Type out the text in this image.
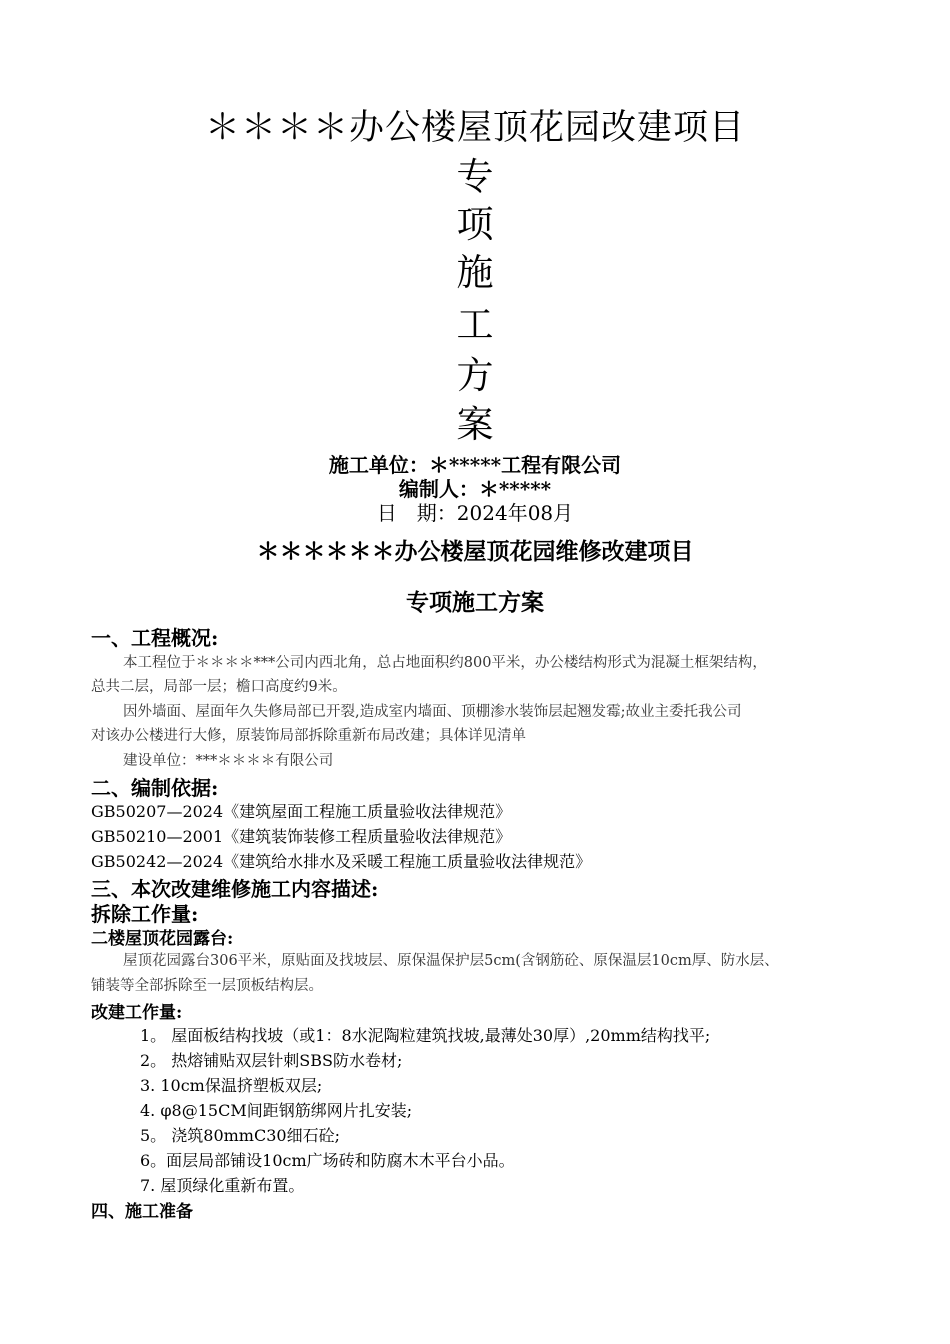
＊＊＊＊办公楼屋顶花园改建项目
专
项
施
工
方
案
施工单位：＊*****工程有限公司
编制人：＊*****
日　期：2024年08月
＊＊＊＊＊＊办公楼屋顶花园维修改建项目
专项施工方案
一、工程概况:
本工程位于＊＊＊＊***公司内西北角，总占地面积约800平米，办公楼结构形式为混凝土框架结构，
总共二层，局部一层；檐口高度约9米。
因外墙面、屋面年久失修局部已开裂,造成室内墙面、顶棚渗水装饰层起翘发霉;故业主委托我公司
对该办公楼进行大修，原装饰局部拆除重新布局改建；具体详见清单
建设单位：***＊＊＊＊有限公司
二、编制依据:
GB50207—2024《建筑屋面工程施工质量验收法律规范》
GB50210—2001《建筑装饰装修工程质量验收法律规范》
GB50242—2024《建筑给水排水及采暖工程施工质量验收法律规范》
三、本次改建维修施工内容描述:
拆除工作量:
二楼屋顶花园露台:
屋顶花园露台306平米，原贴面及找坡层、原保温保护层5cm(含钢筋砼、原保温层10cm厚、防水层、
铺装等全部拆除至一层顶板结构层。
改建工作量:
1。 屋面板结构找坡（或1：8水泥陶粒建筑找坡,最薄处30厚）,20mm结构找平;
2。 热熔铺贴双层针刺SBS防水卷材;
3. 10cm保温挤塑板双层;
4. φ8@15CM间距钢筋绑网片扎安装;
5。 浇筑80mmC30细石砼;
6。面层局部铺设10cm广场砖和防腐木木平台小品。
7. 屋顶绿化重新布置。
四、施工准备
